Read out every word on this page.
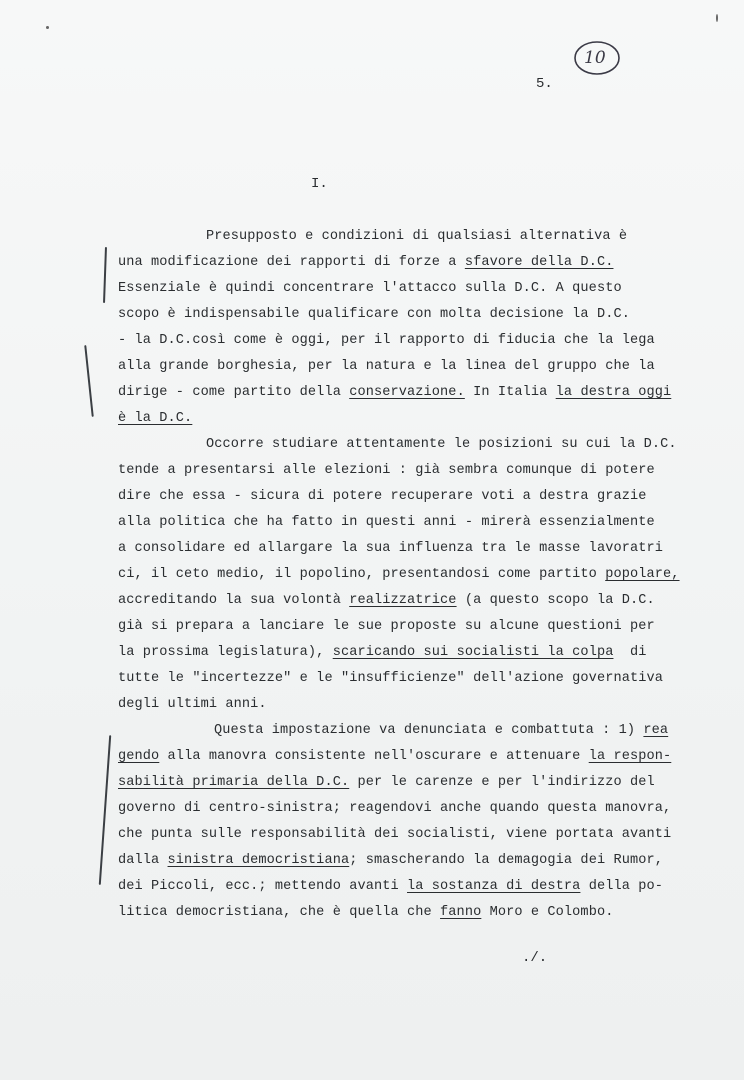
10
5.
I.
Presupposto e condizioni di qualsiasi alternativa è
una modificazione dei rapporti di forze a sfavore della D.C.
Essenziale è quindi concentrare l'attacco sulla D.C. A questo
scopo è indispensabile qualificare con molta decisione la D.C.
- la D.C.così come è oggi, per il rapporto di fiducia che la lega
alla grande borghesia, per la natura e la linea del gruppo che la
dirige - come partito della conservazione. In Italia la destra oggi
è la D.C.
Occorre studiare attentamente le posizioni su cui la D.C.
tende a presentarsi alle elezioni : già sembra comunque di potere
dire che essa - sicura di potere recuperare voti a destra grazie
alla politica che ha fatto in questi anni - mirerà essenzialmente
a consolidare ed allargare la sua influenza tra le masse lavoratri
ci, il ceto medio, il popolino, presentandosi come partito popolare,
accreditando la sua volontà realizzatrice (a questo scopo la D.C.
già si prepara a lanciare le sue proposte su alcune questioni per
la prossima legislatura), scaricando sui socialisti la colpa  di
tutte le "incertezze" e le "insufficienze" dell'azione governativa
degli ultimi anni.
Questa impostazione va denunciata e combattuta : 1) rea
gendo alla manovra consistente nell'oscurare e attenuare la respon-
sabilità primaria della D.C. per le carenze e per l'indirizzo del
governo di centro-sinistra; reagendovi anche quando questa manovra,
che punta sulle responsabilità dei socialisti, viene portata avanti
dalla sinistra democristiana; smascherando la demagogia dei Rumor,
dei Piccoli, ecc.; mettendo avanti la sostanza di destra della po-
litica democristiana, che è quella che fanno Moro e Colombo.
./.
